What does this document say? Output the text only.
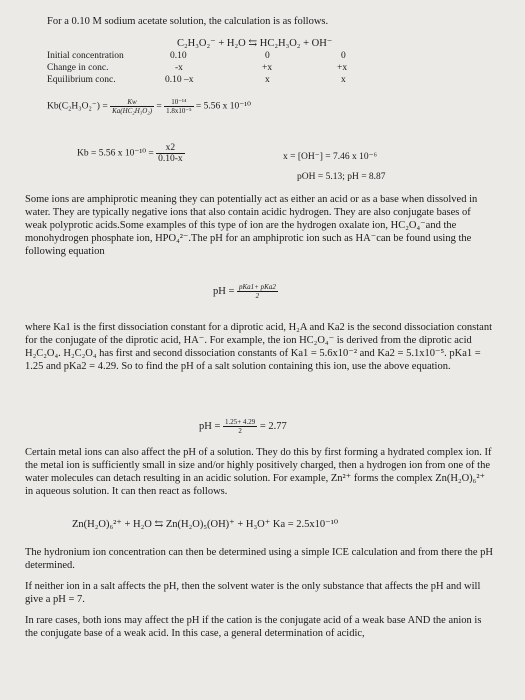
For a 0.10 M sodium acetate solution, the calculation is as follows.
C₂H₃O₂⁻ + H₂O ⇆ HC₂H₃O₂ + OH⁻
Initial concentration	0.10	0	0
Change in conc.	-x	+x	+x
Equilibrium conc.	0.10 –x	x	x
$Kb(C_2H_3O_2^-) = \frac{Kw}{\text{Ka(HC₂H₃O₂)}} = \frac{\text{10⁻¹⁴}}{\text{1.8x10⁻⁵}} = 5.56$ x 10⁻¹⁰
Kb = 5.56 x $10^{-10} = \frac{x2}{0.10-x}$	x = [OH⁻] = 7.46 x 10⁻⁶
pOH = 5.13; pH = 8.87
Some ions are amphiprotic meaning they can potentially act as either an acid or as a base when dissolved in water. They are typically negative ions that also contain acidic hydrogen. They are also conjugate bases of weak polyprotic acids.Some examples of this type of ion are the hydrogen oxalate ion, HC₂O₄⁻and the monohydrogen phosphate ion, HPO₄²⁻.The pH for an amphiprotic ion such as HA⁻can be found using the following equation
pH = $\frac{\text{pKa1+ pKa2}}{2}$
where Ka1 is the first dissociation constant for a diprotic acid, H₂A and Ka2 is the second dissociation constant for the conjugate of the diprotic acid, HA⁻. For example, the ion HC₂O₄⁻ is derived from the diprotic acid H₂C₂O₄. H₂C₂O₄ has first and second dissociation constants of Ka1 = 5.6x10⁻² and Ka2 = 5.1x10⁻⁵. pKa1 = 1.25 and pKa2 = 4.29. So to find the pH of a salt solution containing this ion, use the above equation.
pH = $\frac{1.25+ 4.29}{2} = 2.77$
Certain metal ions can also affect the pH of a solution. They do this by first forming a hydrated complex ion. If the metal ion is sufficiently small in size and/or highly positively charged, then a hydrogen ion from one of the water molecules can detach resulting in an acidic solution. For example, Zn²⁺ forms the complex Zn(H₂O)₆²⁺ in aqueous solution. It can then react as follows.
Zn(H₂O)₆²⁺ + H₂O ⇆ Zn(H₂O)₅(OH)⁺ + H₃O⁺ Ka = 2.5x10⁻¹⁰
The hydronium ion concentration can then be determined using a simple ICE calculation and from there the pH determined.
If neither ion in a salt affects the pH, then the solvent water is the only substance that affects the pH and will give a pH = 7.
In rare cases, both ions may affect the pH if the cation is the conjugate acid of a weak base AND the anion is the conjugate base of a weak acid. In this case, a general determination of acidic,
